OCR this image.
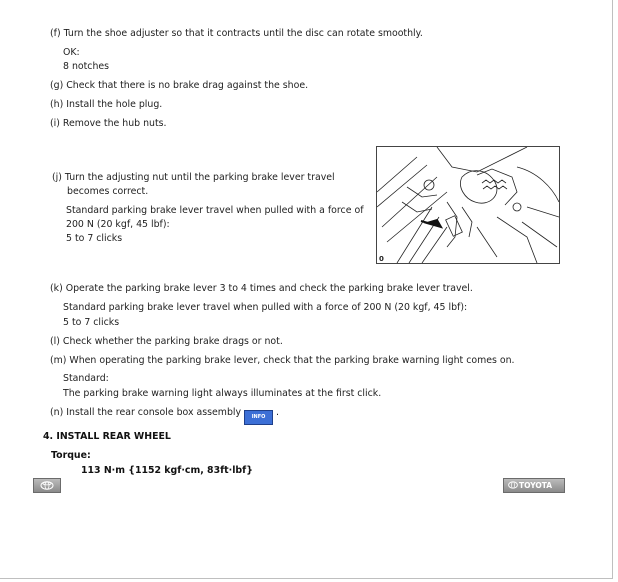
(f) Turn the shoe adjuster so that it contracts until the disc can rotate smoothly.
OK:
8 notches
(g) Check that there is no brake drag against the shoe.
(h) Install the hole plug.
(i) Remove the hub nuts.
(j) Turn the adjusting nut until the parking brake lever travel
becomes correct.
Standard parking brake lever travel when pulled with a force of
200 N (20 kgf, 45 lbf):
5 to 7 clicks
0
(k) Operate the parking brake lever 3 to 4 times and check the parking brake lever travel.
Standard parking brake lever travel when pulled with a force of 200 N (20 kgf, 45 lbf):
5 to 7 clicks
(l) Check whether the parking brake drags or not.
(m) When operating the parking brake lever, check that the parking brake warning light comes on.
Standard:
The parking brake warning light always illuminates at the first click.
(n) Install the rear console box assembly INFO .
4. INSTALL REAR WHEEL
Torque:
113 N·m {1152 kgf·cm, 83ft·lbf}
TOYOTA
